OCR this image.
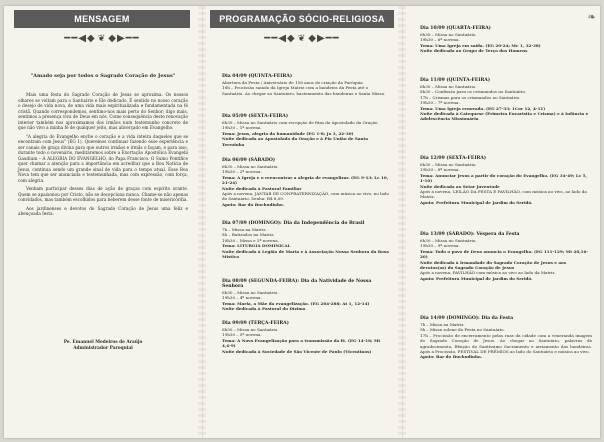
MENSAGEM
━━◀◆ ❦ ◆▶━━
"Amado seja por todos o Sagrado Coração de Jesus"

Mais uma festa do Sagrado Coração de Jesus se aproxima. Os nossos olhares se voltam para o Santuário e Ele dedicado. É sentido no nosso coração o desejo de vida nova, de uma vida mais espiritualizada e fundamentada na fé cristã. Quando correspondemos, sentimo-nos mais perto do Senhor; digo mais, sentimos a presença viva de Deus em nós. Como consequência deste renovação interior também nos aproximamos dos irmãos num testemunho concreto de que não vivo a minha fé de qualquer jeito, mas alicerçado em Evangelho.

"A alegria do Evangelho enche o coração e a vida inteira daqueles que se encontram com Jesus" (EG 1). Queremos continuar fazendo esse experiência e ser canais de graça divina para que outros irmãos e irmãs o façam, e para isso, durante todo o novenário, meditaremos sobre a Exortação Apostólica Evangelii Gaudium – A ALEGRIA DO EVANGELHO, do Papa Francisco. O Sumo Pontífice quer chamar a atenção para a importância em acreditar que a Boa Notícia de Jesus, continua sendo um grande sinal de vida para o tempo atual. Esse Boa Nova tem que ser anunciada e testemunhada, mas com expressão, com força, com alegria.

Venham participar desses dias de ação de graças com espírito orante. Quem se apaixonou por Cristo, não se decepciona nunca. Chame-se não apenas convidados, mas também escolhidos para beberem desse fonte de misericórdia.

Aos jardinenses e devotos do Sagrado Coração de Jesus uma feliz e abençoada festa.

Pe. Emanuel Medeiros de Araújo
Administrador Paroquial
PROGRAMAÇÃO SÓCIO-RELIGIOSA
━━◀◆ ❦ ◆▶━━
Dia 04/09 (QUINTA-FEIRA)
Abertura da Festa / Aniversário de 158 anos de criação da Paróquia
18h – Procissão saindo da Igreja Matriz com a bandeira da Festa até o
Santuário. Ao chegar ao Santuário, hasteamento das bandeiras e Santa Missa.
Dia 05/09 (SEXTA-FEIRA)
6h30 – Missa no Santuário com recepção de fitas do Apostolado da Oração.
19h30 – 1ª novena.
Tema: Jesus, alegria da humanidade (EG 1-8; Jo 3, 22-30)
Noite dedicada ao Apostolado da Oração e à Pia União de Santa Terezinha
Dia 06/09 (SÁBADO)
6h30 – Missa no Santuário.
19h30 – 2ª novena.
Tema: A Igreja e o reencontrar a alegria de evangelizar. (EG 9-13; Lc 10, 21-24)
Noite dedicada à Pastoral Familiar
Após a novena, JANTAR DE CONFRATERNIZAÇÃO, com música ao vivo, no lado do Santuário. Senha: R$ 8,00.
Apoio: Bar do Buchudinho.
Dia 07/09 (DOMINGO): Dia da Independência do Brasil
7h – Missa na Matriz.
8h – Batizados na Matriz.
19h30 – Missa e 3ª novena.
Tema: LITURGIA DOMINICAL
Noite dedicada à Legião de Maria e à Associação Nossa Senhora da Rosa Mística
Dia 08/09 (SEGUNDA-FEIRA): Dia da Natividade de Nossa Senhora
6h30 – Missa no Santuário.
19h30 – 4ª novena.
Tema: Maria, a Mãe da evangelização. (EG 284-288; At 1, 12-14)
Noite dedicada à Pastoral do Dízimo
Dia 09/09 (TERÇA-FEIRA)
6h30 – Missa no Santuário.
19h30 – 5ª novena.
Tema: A Nova Evangelização para a transmissão da fé. (EG 14-18; Mt 4,4-9)
Noite dedicada à Sociedade de São Vicente de Paulo (Vicentinos)
❧
Dia 10/09 (QUARTA-FEIRA)
6h30 – Missa no Santuário.
19h30 – 6ª novena.
Tema: Uma Igreja em saída. (EG 20-24; Mc 1, 32-38)
Noite dedicada ao Grupo de Terço dos Homens
Dia 11/09 (QUINTA-FEIRA)
6h30 – Missa no Santuário.
8h30 – Confissão para os crismandos no Santuário.
17h – Crismas para os crismandos no Santuário.
19h30 – 7ª novena.
Tema: Uma Igreja renovada. (EG 27-33; 1Cor 12, 4-11)
Noite dedicada à Catequese (Primeira Eucaristia e Crisma) e à Infância e Adolescência Missionária
Dia 12/09 (SEXTA-FEIRA)
6h30 – Missa no Santuário.
19h30 – 8ª novena.
Tema: Anunciar Jesus a partir do coração do Evangelho. (EG 34-49; Lc 5, 1-10)
Noite dedicada ao Setor Juventude
Após a novena, LEILÃO DA FESTA E PAVILHÃO, com música ao vivo, ao lado da Matriz.
Apoio: Prefeitura Municipal de Jardim do Seridó.
Dia 13/09 (SÁBADO): Véspera da Festa
6h30 – Missa no Santuário.
19h30 – 9ª novena.
Tema: Todo o povo de Deus anuncia o Evangelho. (EG 111-129; Mt 28,16-20)
Noite dedicada à Irmandade do Sagrado Coração de Jesus e aos devotos(as) do Sagrado Coração de Jesus
Após a novena, PAVILHÃO com música ao vivo ao lado da Matriz.
Apoio: Prefeitura Municipal de Jardim do Seridó.
Dia 14/09 (DOMINGO): Dia da Festa
7h – Missa na Matriz.
9h – Missa solene da Festa no Santuário.
17h – Procissão de encerramento pelas ruas da cidade com a veneranda imagem do Sagrado Coração de Jesus. Ao chegar ao Santuário, palavras de agradecimento, Bênção do Santíssimo Sacramento e arriamento das bandeiras. Após a Procissão, FESTIVAL DE PRÊMIOS ao lado do Santuário e música ao vivo.
Apoio: Bar do Buchudinho.
